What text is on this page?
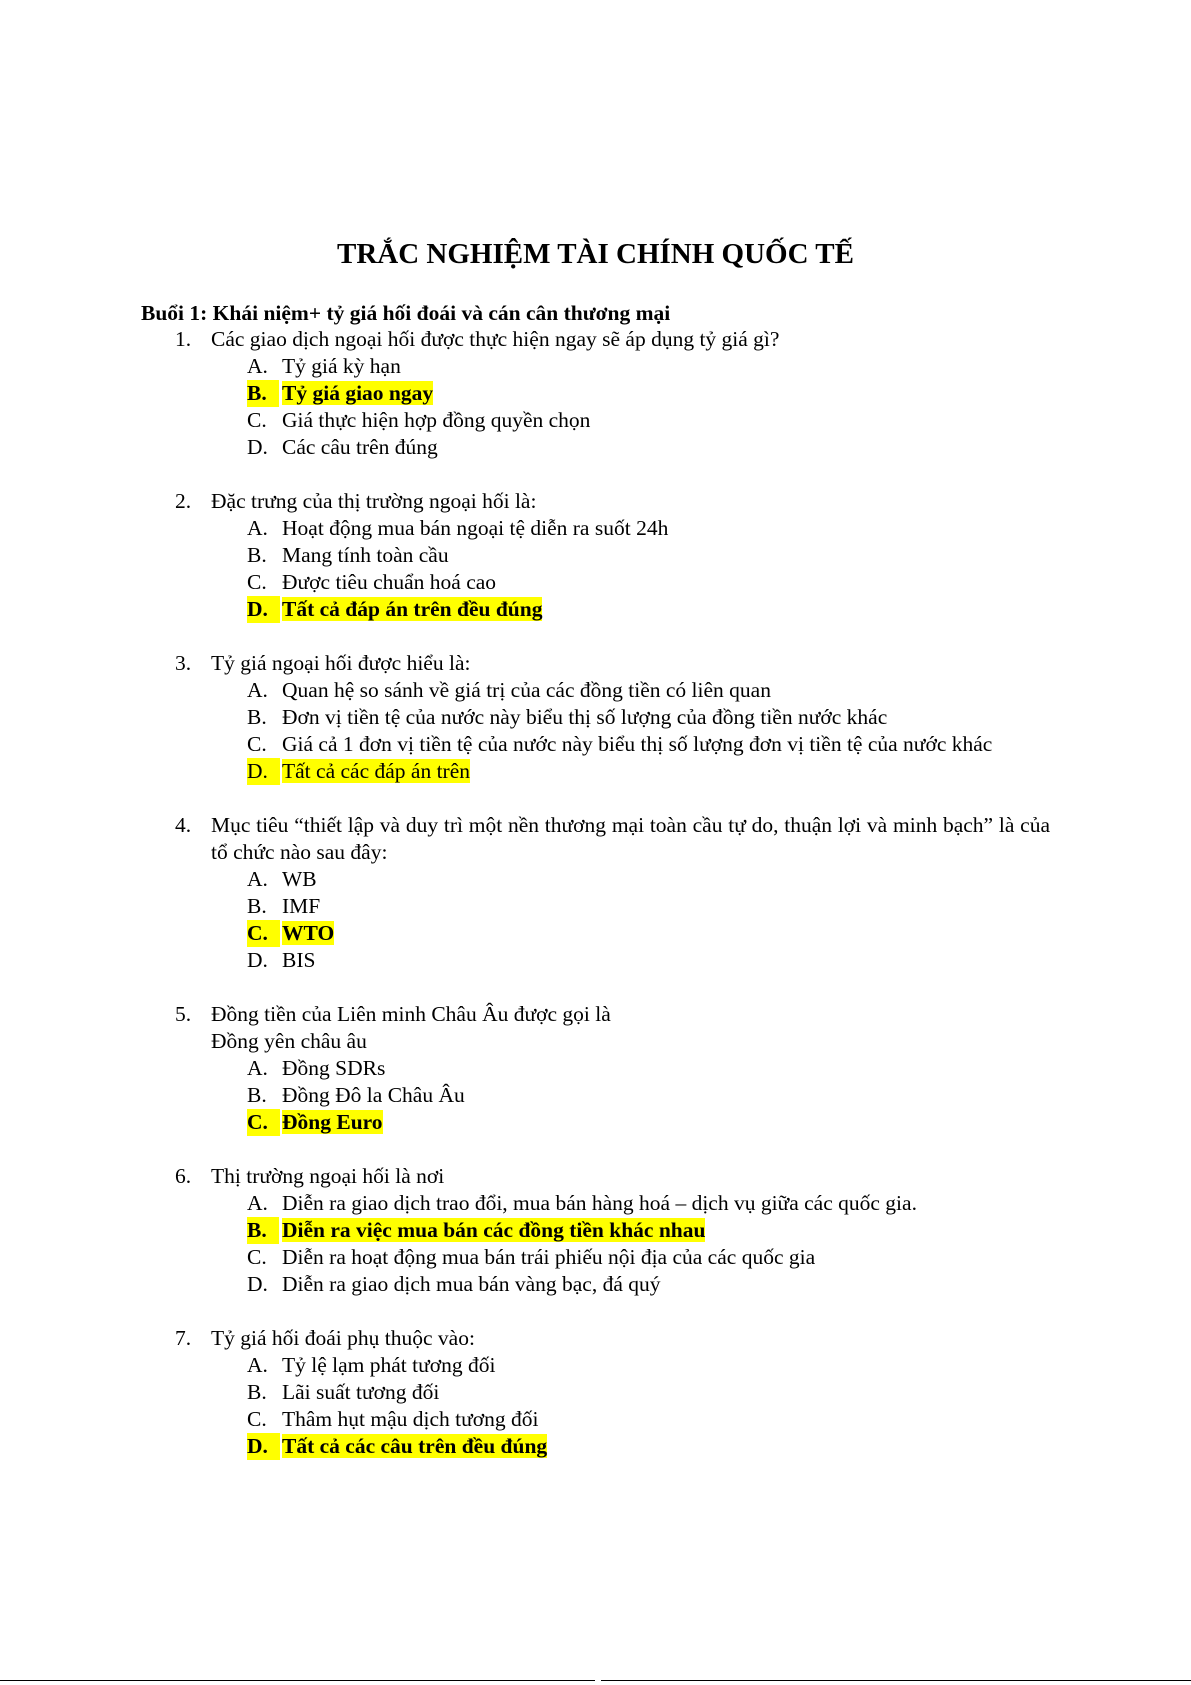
TRẮC NGHIỆM TÀI CHÍNH QUỐC TẾ

Buổi 1: Khái niệm+ tỷ giá hối đoái và cán cân thương mại

1. Các giao dịch ngoại hối được thực hiện ngay sẽ áp dụng tỷ giá gì?
A. Tỷ giá kỳ hạn
B. Tỷ giá giao ngay
C. Giá thực hiện hợp đồng quyền chọn
D. Các câu trên đúng
2. Đặc trưng của thị trường ngoại hối là:
A. Hoạt động mua bán ngoại tệ diễn ra suốt 24h
B. Mang tính toàn cầu
C. Được tiêu chuẩn hoá cao
D. Tất cả đáp án trên đều đúng
3. Tỷ giá ngoại hối được hiểu là:
A. Quan hệ so sánh về giá trị của các đồng tiền có liên quan
B. Đơn vị tiền tệ của nước này biểu thị số lượng của đồng tiền nước khác
C. Giá cả 1 đơn vị tiền tệ của nước này biểu thị số lượng đơn vị tiền tệ của nước khác
D. Tất cả các đáp án trên
4. Mục tiêu “thiết lập và duy trì một nền thương mại toàn cầu tự do, thuận lợi và minh bạch” là của tổ chức nào sau đây:
A. WB
B. IMF
C. WTO
D. BIS
5. Đồng tiền của Liên minh Châu Âu được gọi là
Đồng yên châu âu
A. Đồng SDRs
B. Đồng Đô la Châu Âu
C. Đồng Euro
6. Thị trường ngoại hối là nơi
A. Diễn ra giao dịch trao đổi, mua bán hàng hoá – dịch vụ giữa các quốc gia.
B. Diễn ra việc mua bán các đồng tiền khác nhau
C. Diễn ra hoạt động mua bán trái phiếu nội địa của các quốc gia
D. Diễn ra giao dịch mua bán vàng bạc, đá quý
7. Tỷ giá hối đoái phụ thuộc vào:
A. Tỷ lệ lạm phát tương đối
B. Lãi suất tương đối
C. Thâm hụt mậu dịch tương đối
D. Tất cả các câu trên đều đúng
